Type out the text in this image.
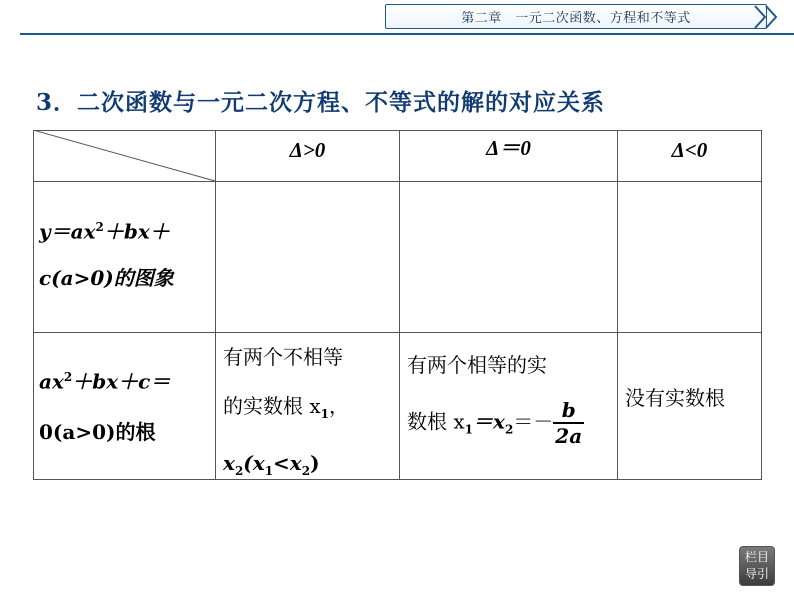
第二章　一元二次函数、方程和不等式
3．二次函数与一元二次方程、不等式的解的对应关系
Δ>0	Δ＝0	Δ<0
$y=ax^2+bx+$
c(a>0)的图象
$ax^2+bx+c=$
0(a>0)的根
有两个不相等
的实数根 $x_1$，
$x_2(x_1<x_2)$
有两个相等的实
数根 $x_1=x_2=- \frac{b}{2a}$ 没有实数根
栏目
导引
